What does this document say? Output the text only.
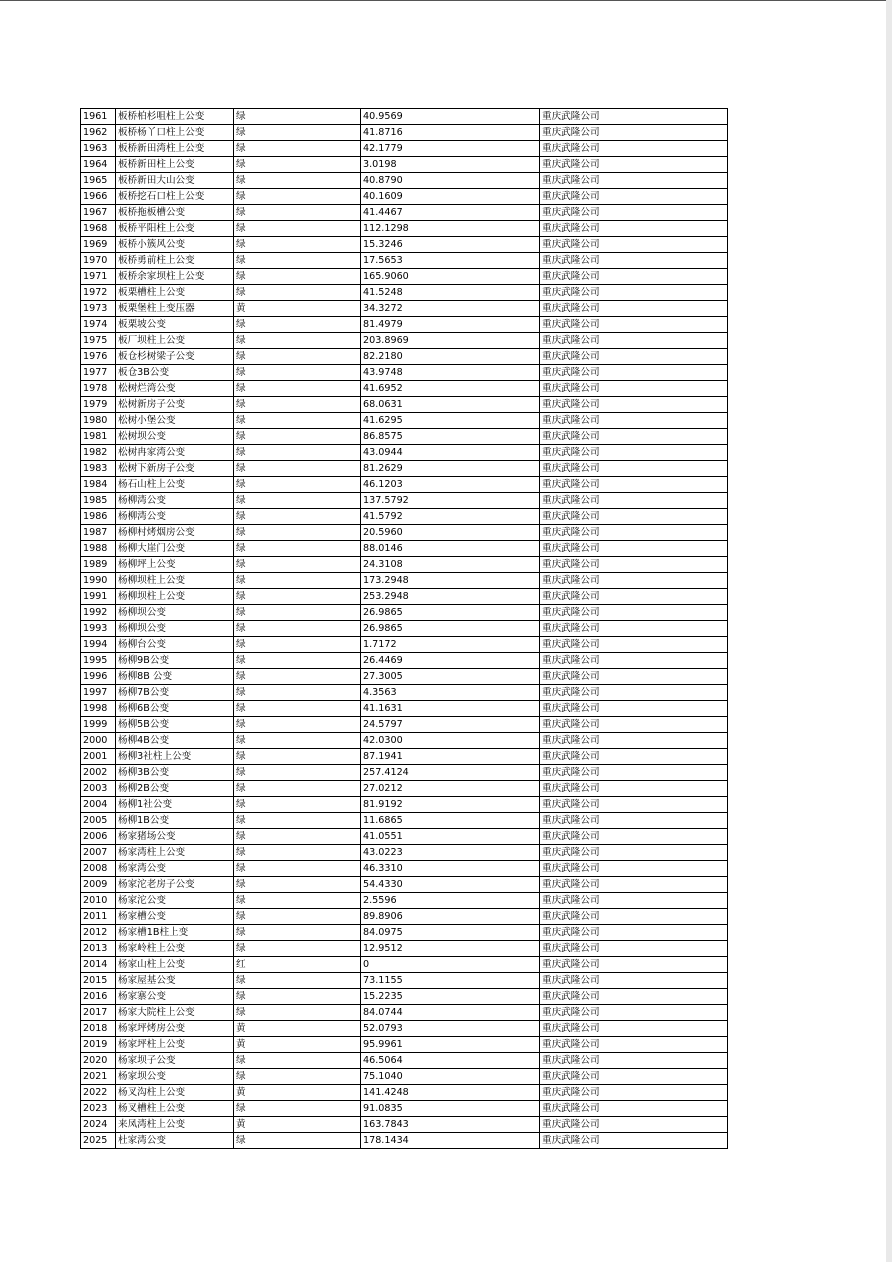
1961	板桥柏杉咀柱上公变	绿	40.9569	重庆武隆公司
1962	板桥杨丫口柱上公变	绿	41.8716	重庆武隆公司
1963	板桥新田湾柱上公变	绿	42.1779	重庆武隆公司
1964	板桥新田柱上公变	绿	3.0198	重庆武隆公司
1965	板桥新田大山公变	绿	40.8790	重庆武隆公司
1966	板桥挖石口柱上公变	绿	40.1609	重庆武隆公司
1967	板桥拖板槽公变	绿	41.4467	重庆武隆公司
1968	板桥平阳柱上公变	绿	112.1298	重庆武隆公司
1969	板桥小簇风公变	绿	15.3246	重庆武隆公司
1970	板桥勇前柱上公变	绿	17.5653	重庆武隆公司
1971	板桥余家坝柱上公变	绿	165.9060	重庆武隆公司
1972	板栗槽柱上公变	绿	41.5248	重庆武隆公司
1973	板栗堡柱上变压器	黄	34.3272	重庆武隆公司
1974	板栗坡公变	绿	81.4979	重庆武隆公司
1975	板厂坝柱上公变	绿	203.8969	重庆武隆公司
1976	板仓杉树梁子公变	绿	82.2180	重庆武隆公司
1977	板仓3B公变	绿	43.9748	重庆武隆公司
1978	松树烂湾公变	绿	41.6952	重庆武隆公司
1979	松树新房子公变	绿	68.0631	重庆武隆公司
1980	松树小堡公变	绿	41.6295	重庆武隆公司
1981	松树坝公变	绿	86.8575	重庆武隆公司
1982	松树冉家湾公变	绿	43.0944	重庆武隆公司
1983	松树下新房子公变	绿	81.2629	重庆武隆公司
1984	杨石山柱上公变	绿	46.1203	重庆武隆公司
1985	杨柳湾公变	绿	137.5792	重庆武隆公司
1986	杨柳湾公变	绿	41.5792	重庆武隆公司
1987	杨柳村烤烟房公变	绿	20.5960	重庆武隆公司
1988	杨柳大崖门公变	绿	88.0146	重庆武隆公司
1989	杨柳坪上公变	绿	24.3108	重庆武隆公司
1990	杨柳坝柱上公变	绿	173.2948	重庆武隆公司
1991	杨柳坝柱上公变	绿	253.2948	重庆武隆公司
1992	杨柳坝公变	绿	26.9865	重庆武隆公司
1993	杨柳坝公变	绿	26.9865	重庆武隆公司
1994	杨柳台公变	绿	1.7172	重庆武隆公司
1995	杨柳9B公变	绿	26.4469	重庆武隆公司
1996	杨柳8B 公变	绿	27.3005	重庆武隆公司
1997	杨柳7B公变	绿	4.3563	重庆武隆公司
1998	杨柳6B公变	绿	41.1631	重庆武隆公司
1999	杨柳5B公变	绿	24.5797	重庆武隆公司
2000	杨柳4B公变	绿	42.0300	重庆武隆公司
2001	杨柳3社柱上公变	绿	87.1941	重庆武隆公司
2002	杨柳3B公变	绿	257.4124	重庆武隆公司
2003	杨柳2B公变	绿	27.0212	重庆武隆公司
2004	杨柳1社公变	绿	81.9192	重庆武隆公司
2005	杨柳1B公变	绿	11.6865	重庆武隆公司
2006	杨家猪场公变	绿	41.0551	重庆武隆公司
2007	杨家湾柱上公变	绿	43.0223	重庆武隆公司
2008	杨家湾公变	绿	46.3310	重庆武隆公司
2009	杨家沱老房子公变	绿	54.4330	重庆武隆公司
2010	杨家沱公变	绿	2.5596	重庆武隆公司
2011	杨家槽公变	绿	89.8906	重庆武隆公司
2012	杨家槽1B柱上变	绿	84.0975	重庆武隆公司
2013	杨家岭柱上公变	绿	12.9512	重庆武隆公司
2014	杨家山柱上公变	红	0	重庆武隆公司
2015	杨家屋基公变	绿	73.1155	重庆武隆公司
2016	杨家寨公变	绿	15.2235	重庆武隆公司
2017	杨家大院柱上公变	绿	84.0744	重庆武隆公司
2018	杨家坪烤房公变	黄	52.0793	重庆武隆公司
2019	杨家坪柱上公变	黄	95.9961	重庆武隆公司
2020	杨家坝子公变	绿	46.5064	重庆武隆公司
2021	杨家坝公变	绿	75.1040	重庆武隆公司
2022	杨叉沟柱上公变	黄	141.4248	重庆武隆公司
2023	杨叉槽柱上公变	绿	91.0835	重庆武隆公司
2024	来凤湾柱上公变	黄	163.7843	重庆武隆公司
2025	杜家湾公变	绿	178.1434	重庆武隆公司
